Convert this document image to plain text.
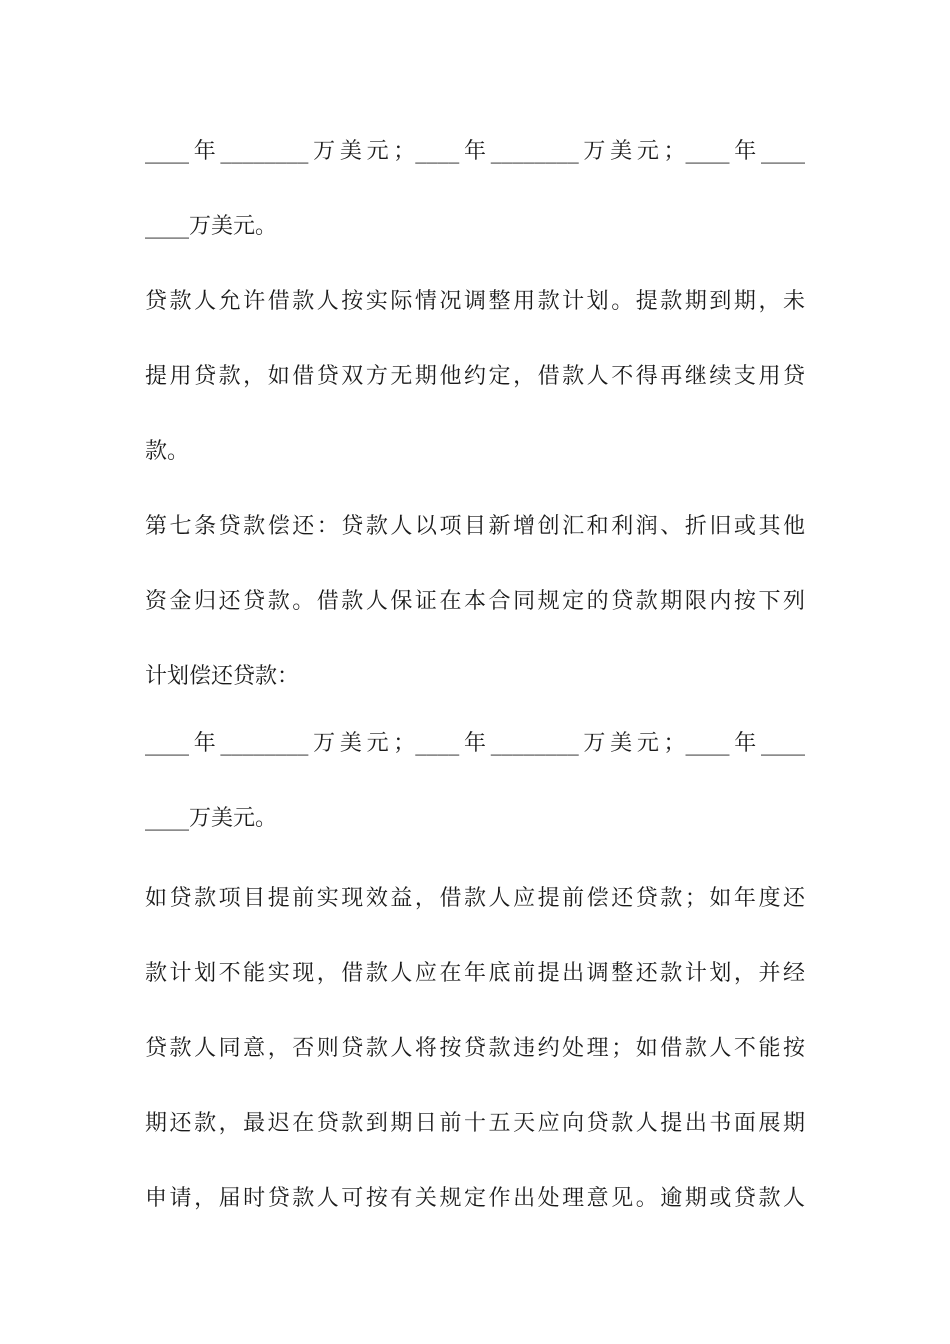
____年________万美元；____年________万美元；____年____
____万美元。
贷款人允许借款人按实际情况调整用款计划。提款期到期，未
提用贷款，如借贷双方无期他约定，借款人不得再继续支用贷
款。
第七条贷款偿还：贷款人以项目新增创汇和利润、折旧或其他
资金归还贷款。借款人保证在本合同规定的贷款期限内按下列
计划偿还贷款：
____年________万美元；____年________万美元；____年____
____万美元。
如贷款项目提前实现效益，借款人应提前偿还贷款；如年度还
款计划不能实现，借款人应在年底前提出调整还款计划，并经
贷款人同意，否则贷款人将按贷款违约处理；如借款人不能按
期还款，最迟在贷款到期日前十五天应向贷款人提出书面展期
申请，届时贷款人可按有关规定作出处理意见。逾期或贷款人
